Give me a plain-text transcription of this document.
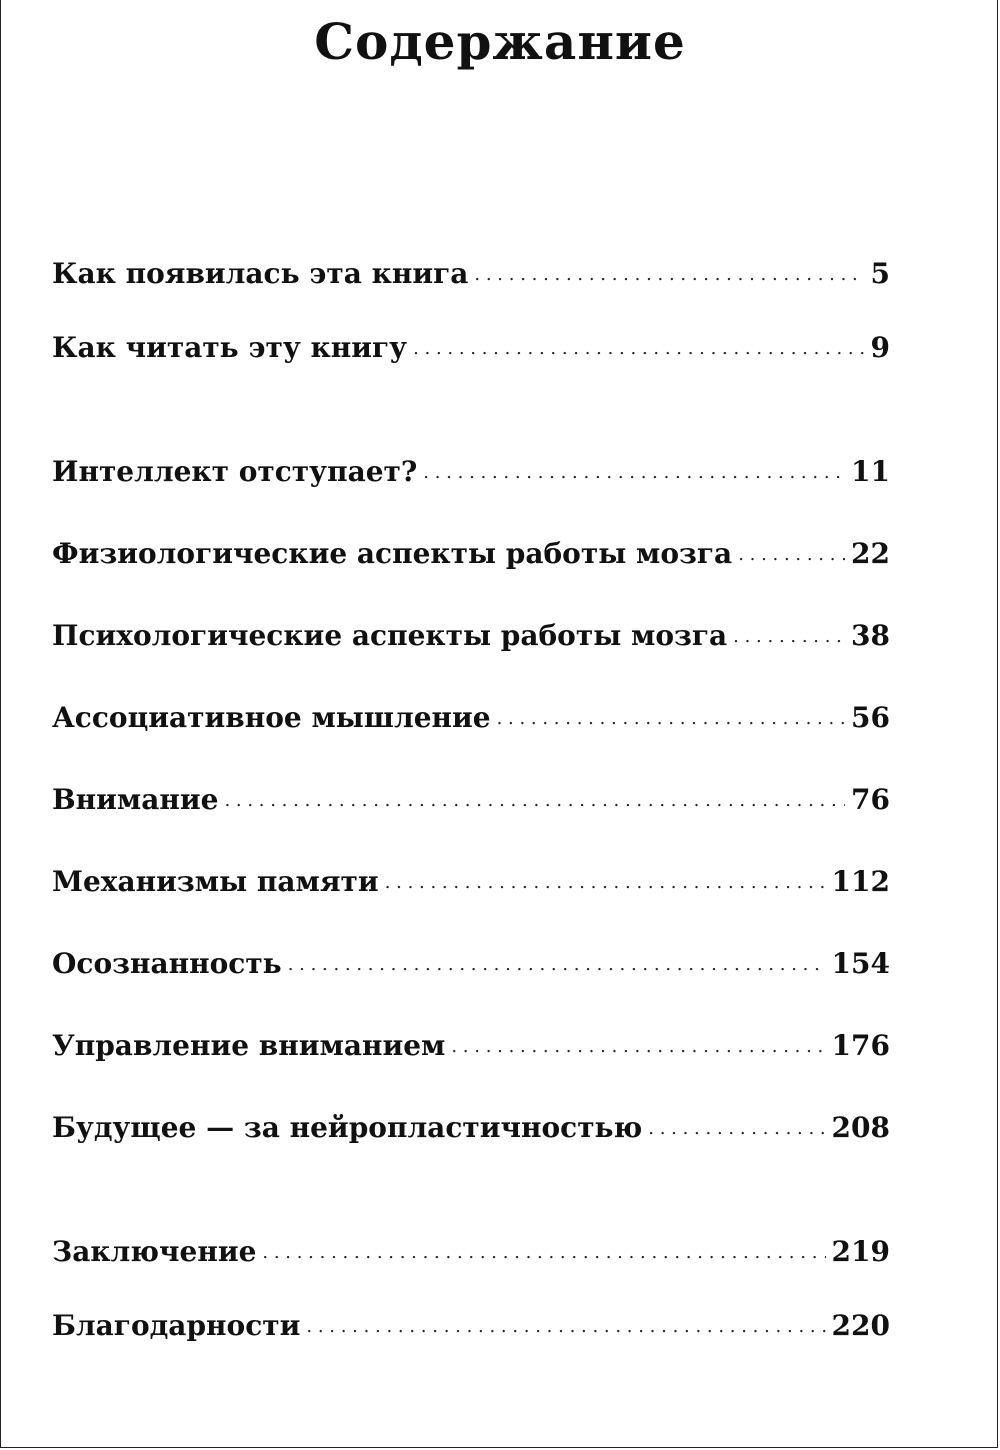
Содержание
Как появилась эта книга . . .	5
Как читать эту книгу . . .	9
Интеллект отступает? . . .	11
Физиологические аспекты работы мозга . . .	22
Психологические аспекты работы мозга . . .	38
Ассоциативное мышление . . .	56
Внимание . . .	76
Механизмы памяти . . .	112
Осознанность . . .	154
Управление вниманием . . .	176
Будущее — за нейропластичностью . . .	208
Заключение . . .	219
Благодарности . . .	220
